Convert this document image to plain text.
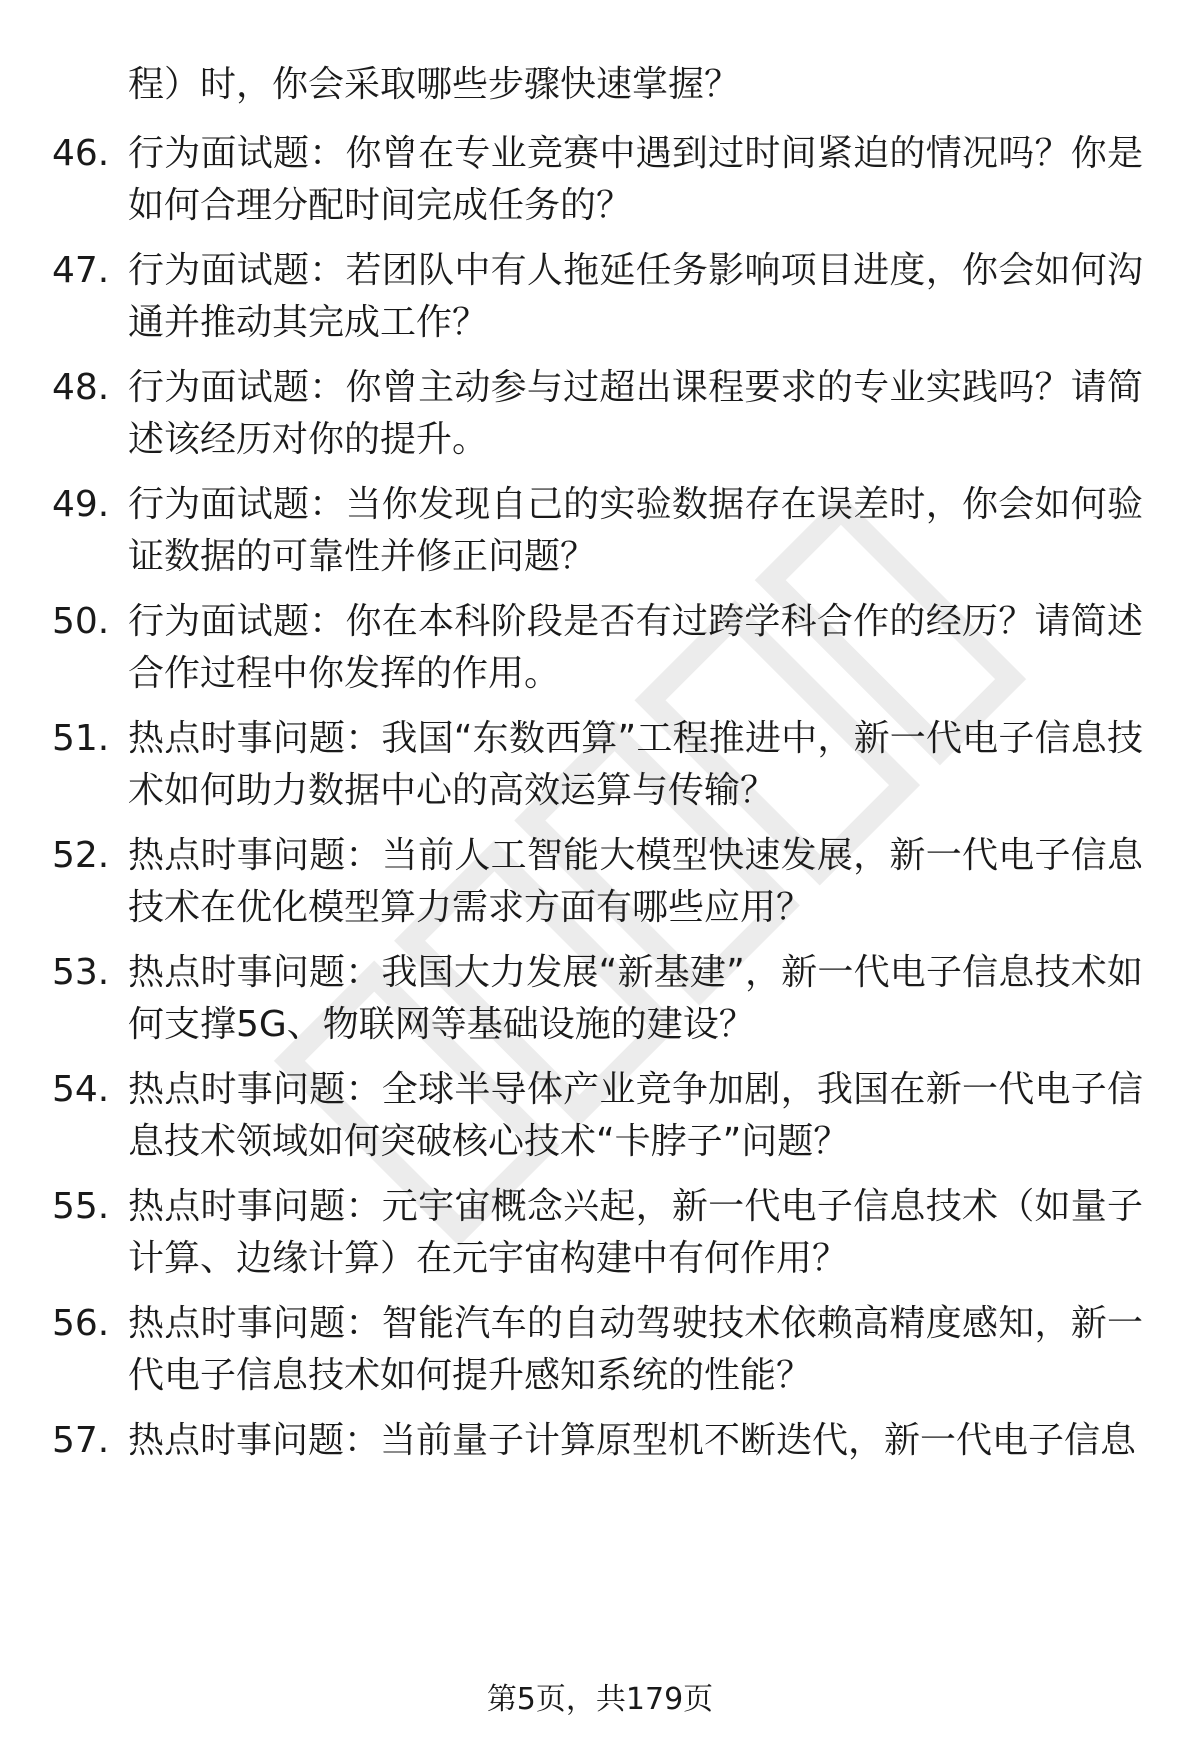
程）时，你会采取哪些步骤快速掌握？
46. 行为面试题：你曾在专业竞赛中遇到过时间紧迫的情况吗？你是如何合理分配时间完成任务的？
47. 行为面试题：若团队中有人拖延任务影响项目进度，你会如何沟通并推动其完成工作？
48. 行为面试题：你曾主动参与过超出课程要求的专业实践吗？请简述该经历对你的提升。
49. 行为面试题：当你发现自己的实验数据存在误差时，你会如何验证数据的可靠性并修正问题？
50. 行为面试题：你在本科阶段是否有过跨学科合作的经历？请简述合作过程中你发挥的作用。
51. 热点时事问题：我国“东数西算”工程推进中，新一代电子信息技术如何助力数据中心的高效运算与传输？
52. 热点时事问题：当前人工智能大模型快速发展，新一代电子信息技术在优化模型算力需求方面有哪些应用？
53. 热点时事问题：我国大力发展“新基建”，新一代电子信息技术如何支撑5G、物联网等基础设施的建设？
54. 热点时事问题：全球半导体产业竞争加剧，我国在新一代电子信息技术领域如何突破核心技术“卡脖子”问题？
55. 热点时事问题：元宇宙概念兴起，新一代电子信息技术（如量子计算、边缘计算）在元宇宙构建中有何作用？
56. 热点时事问题：智能汽车的自动驾驶技术依赖高精度感知，新一代电子信息技术如何提升感知系统的性能？
57. 热点时事问题：当前量子计算原型机不断迭代，新一代电子信息
第5页，共179页
